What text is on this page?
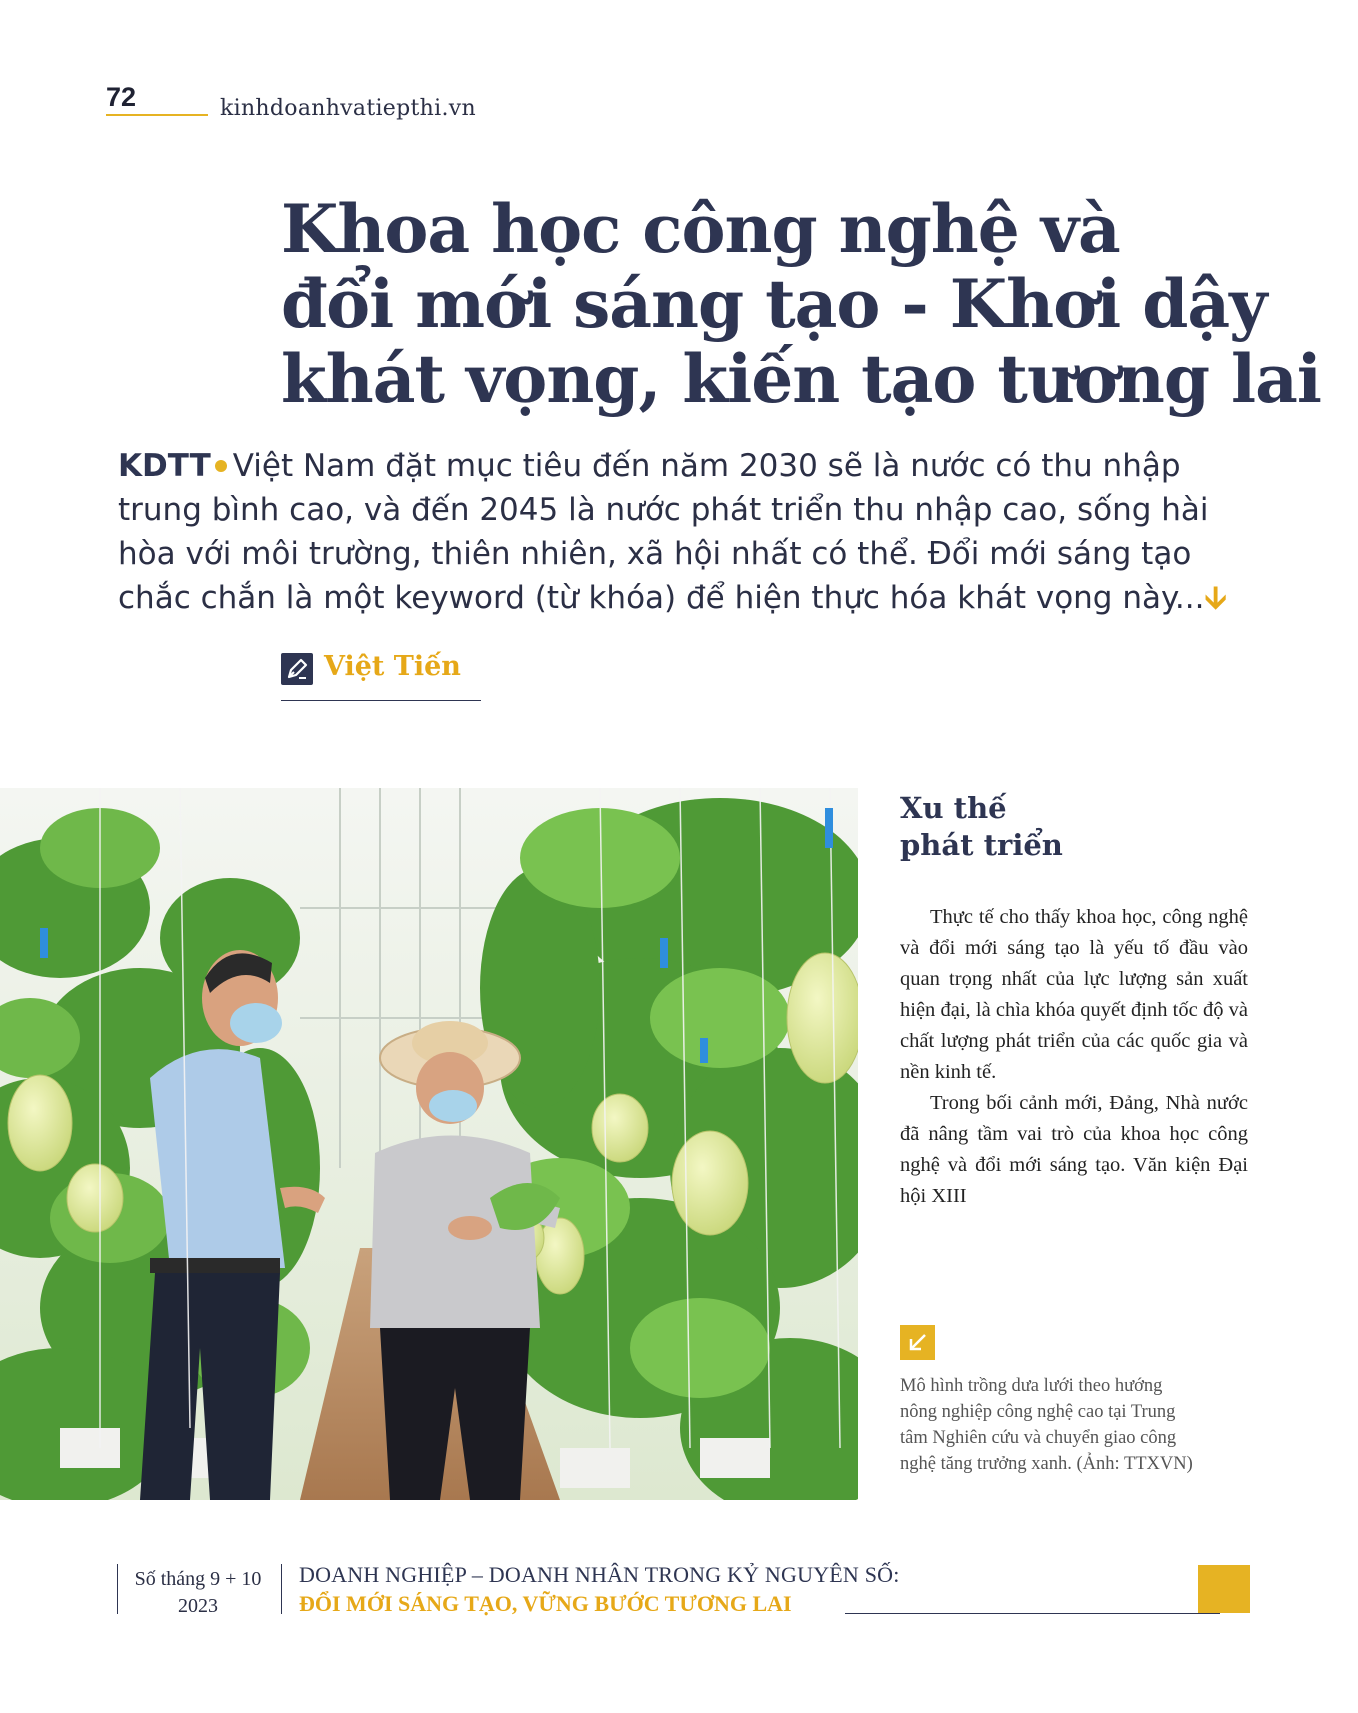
72	kinhdoanhvatiepthi.vn
Khoa học công nghệ và
đổi mới sáng tạo - Khơi dậy
khát vọng, kiến tạo tương lai
KDTT Việt Nam đặt mục tiêu đến năm 2030 sẽ là nước có thu nhập trung bình cao, và đến 2045 là nước phát triển thu nhập cao, sống hài hòa với môi trường, thiên nhiên, xã hội nhất có thể. Đổi mới sáng tạo chắc chắn là một keyword (từ khóa) để hiện thực hóa khát vọng này...🡫
Việt Tiến
Xu thế
phát triển

Thực tế cho thấy khoa học, công nghệ và đổi mới sáng tạo là yếu tố đầu vào quan trọng nhất của lực lượng sản xuất hiện đại, là chìa khóa quyết định tốc độ và chất lượng phát triển của các quốc gia và nền kinh tế.

Trong bối cảnh mới, Đảng, Nhà nước đã nâng tầm vai trò của khoa học công nghệ và đổi mới sáng tạo. Văn kiện Đại hội XIII

Mô hình trồng dưa lưới theo hướng nông nghiệp công nghệ cao tại Trung tâm Nghiên cứu và chuyển giao công nghệ tăng trưởng xanh. (Ảnh: TTXVN)
Số tháng 9 + 10
2023
DOANH NGHIỆP – DOANH NHÂN TRONG KỶ NGUYÊN SỐ:
ĐỔI MỚI SÁNG TẠO, VỮNG BƯỚC TƯƠNG LAI
